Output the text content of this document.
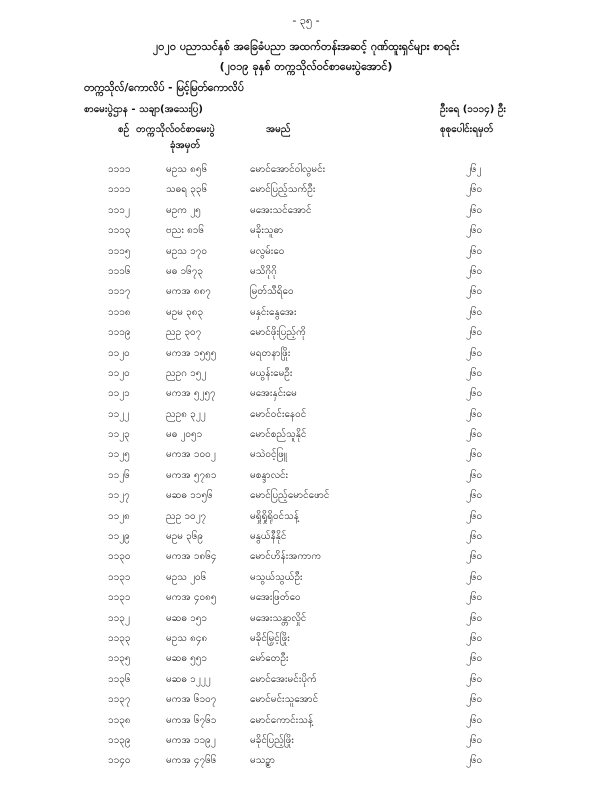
- ၃၅ -
၂၀၂၀ ပညာသင်နှစ် အခြေခံပညာ အထက်တန်းအဆင့် ဂုဏ်ထူးရှင်များ စာရင်း
(၂၀၁၉ ခုနှစ် တက္ကသိုလ်ဝင်စာမေးပွဲအောင်)
တက္ကသိုလ်/ကောလိပ် - မြင့်မြတ်ကောလိပ်
စာမေးပွဲဌာန - သချာ(အသေးပြ)	ဦးရေ (၁၁၁၄) ဦး
စဉ် တက္ကသိုလ်ဝင်စာမေးပွဲ
ခုံအမှတ်
အမည်	စုစုပေါင်းရမှတ်
၁၁၁၁	မဥသ ၈၅၆	မောင်အောင်ဝါလွမင်း	၂၆၂
၁၁၁၁	သဓရ ၃၃၆	မောင်ပြည့်သက်ဦး	၂၆၀
၁၁၁၂	မဥက ၂၅	မအေးသင်အောင်	၂၆၀
၁၁၁၃	ဗညး ၈၁၆	မခိုးသူဓာ	၂၆၀
၁၁၁၅	မဥသ ၁၇၀	မလွမ်းဝေ	၂၆၀
၁၁၁၆	မဓ ၁၆၇၃	မသိဂိုဂို	၂၆၀
၁၁၁၇	မကအ ၈၈၇	မြတ်သီရိဝေ	၂၆၀
၁၁၁၈	မဥမ ၃၈၃	မနှင်းနွေအေး	၂၆၀
၁၁၁၉	ညဥ ၃၀၇	မောင်ဖိုးပြည့်ကို	၂၆၀
၁၁၂၀	မကအ ၁၅၅၅	မရတနာဖြိုး	၂၆၀
၁၁၂၀	ညဥဂ ၁၅၂	မယွန်းမေဦး	၂၆၀
၁၁၂၁	မကအ ၅၂၅၇	မအေးနှင်းမေ	၂၆၀
၁၁၂၂	ညဥ၈ ၃၂၂	မောင်ဝင်းနေဝင်	၂၆၀
၁၁၂၃	မဓ ၂၀၅၁	မောင်စည်သူနိုင်	၂၆၀
၁၁၂၅	မကအ ၁၀၀၂	မသဲဝင့်ဖြူ	၂၆၀
၁၁၂၆	မကအ ၅၇၈၁	မစန္ဒာလင်း	၂၆၀
၁၁၂၇	မဆဓ ၁၁၅၆	မောင်ပြည့်မောင်ဖောင်	၂၆၀
၁၁၂၈	ညဥ ၁၀၂၇	မရှိုရှိုရိုဝင်သန့်	၂၆၀
၁၁၂၉	မဥမ ၃၆၉	မနွယ်နီနိုင်	၂၆၀
၁၁၃၀	မကအ ၁၈၆၄	မောင်ဟိန်းအကာက	၂၆၀
၁၁၃၁	မဥသ ၂၀၆	မသွယ်သွယ်ဦး	၂၆၀
၁၁၃၁	မကအ ၄၀၈၅	မအေးဖြတ်ဝေ	၂၆၀
၁၁၃၂	မဆဓ ၁၅၁	မအေးသန္တာလှိုင်	၂၆၀
၁၁၃၃	မဥသ ၈၄၈	မခိုင်မြှင့်ဖြိုး	၂၆၀
၁၁၃၅	မဆဓ ၅၅၁	မော်တေဦး	၂၆၀
၁၁၃၆	မဆဓ ၁၂၂၂	မောင်အေးမင်းပိုက်	၂၆၀
၁၁၃၇	မကအ ၆၁၀၇	မောင်မင်းသူအောင်	၂၆၀
၁၁၃၈	မကအ ၆၇၆၁	မောင်ကောင်းသန့်	၂၆၀
၁၁၃၉	မကအ ၁၁၉၂	မခိုင်ပြည့်ဖြိုး	၂၆၀
၁၁၄၀	မကအ ၄၇၆၆	မသဥ္စာ	၂၆၀
